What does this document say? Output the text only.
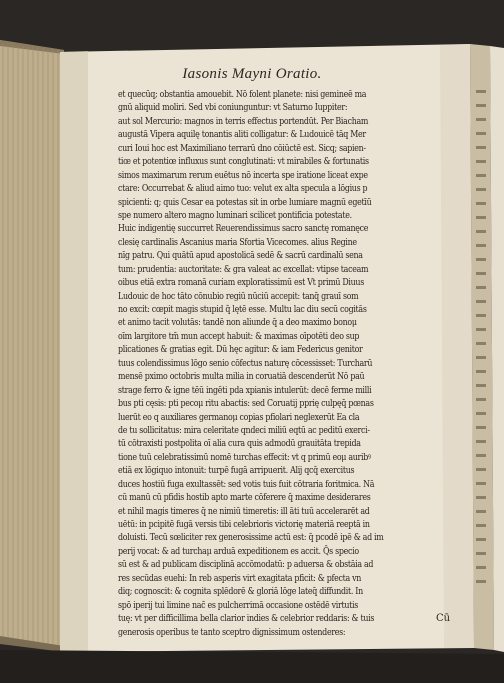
Iasonis Mayni Oratio.
et quecūq; obstantia amouebit. Nō folent planete: nisi gemineē ma
gnū aliquid moliri. Sed vbi coniunguntur: vt Saturno Iuppiter:
aut sol Mercurio: magnos in terris effectus portendūt. Per Biacham
augustā Vipera aquilę tonantis aliti colligatur: & Ludouicē tāq Mer
curi Ioui hoc est Maximiliano terrarū dno cōiūctē est. Sicq; sapien-
tiœ et potentiœ influxus sunt conglutinati: vt mirabiles & fortunatis
simos maximarum rerum euētus nō incerta spe iratione liceat expe
ctare: Occurrebat & aliud aimo tuo: velut ex alta specula a lōgius p
spicienti: q; quis Cesar ea potestas sit in orbe lumiare magnū egetīū
spe numero altero magno luminari scilicet pontificia potestate.
Huic indigentię succurret Reuerendissimus sacro sanctę romanęce
clesię cardinalis Ascanius maria Sfortia Vicecomes. alius Regine
nīg patru. Qui quātū apud apostolicā sedē & sacrū cardinalū sena
tum: prudentia: auctoritate: & gra valeat ac excellat: vtipse taceam
oibus etiā extra romanā curiam exploratissimū est Vt primū Diuus
Ludouic de hoc tāto cōnubio regiū nūciū accepit: tanq̄ grauī som
no excit: cœpit magis stupid q̄ lętē esse. Multu lac diu secū cogitās
et animo tacit volutās: tandē non aliunde q̄ a deo maximo bonoμ
oīm largitore tm̄ mun accept habuit: & maximas oīpotēti deo sup
plicationes & gratias egit. Dū hęc agitur: & iam Federicus genitor
tuus colendissimus lōgo senio cōfectus naturę cōcessisset: Turcharū
mensē pximo octobris multa milia in coruatiā descenderūt Nō paū
strage ferro & igne tēū ingēti pda xpianis intulerūt: decē ferme milli
bus pti cęsis: pti pecoμ ritu abactis: sed Coruatij pprię culpęq̄ pœnas
luerūt eo q auxiliares germanoμ copias pfiolari neglexerūt Ea cla
de tu sollicitatus: mira celeritate qndeci miliū eqtū ac peditū exerci-
tū cōtraxisti postpolita oī alia cura quis admodū grauitāta trepida
tione tuū celebratissimū nomē turchas effecit: vt q primū eoμ auribꝰ
etiā ex lōgiquo intonuit: turpē fugā arripuerit. Alij qcq̄ exercitus
duces hostiū fuga exultassēt: sed votis tuis fuit cōtraria foritmica. Nā
cū manū cū pfidis hostib apto marte cōferere q̄ maxime desiderares
et nihil magis timeres q̄ ne nimiū timeretis: ill āti tuū accelerarēt ad
uētū: in pcipitē fugā versis tibi celebrioris victorię materiā reeptā in
doluisti. Tecū sœliciter rex generosissime actū est: q̄ pcodē ipē & ad im
perij vocat: & ad turchaμ arduā expeditionem es accit. Q̄s specio
sū est & ad publicam disciplinā accōmodatū: p aduersa & obstāia ad
res secūdas euehi: In reb asperis virt exagitata pficit: & pfecta vn
diq; cognoscit: & cognita splēdorē & gloriā lōge lateq̄ diffundit. In
spō iperij tui limine nac̄ es pulcherrimā occasione ostēdē virtutis
tuę: vt per difficillima bella clarior indies & celebrior reddaris: & tuis
generosis operibus te tanto sceptro dignissimum ostenderes:
Cū
